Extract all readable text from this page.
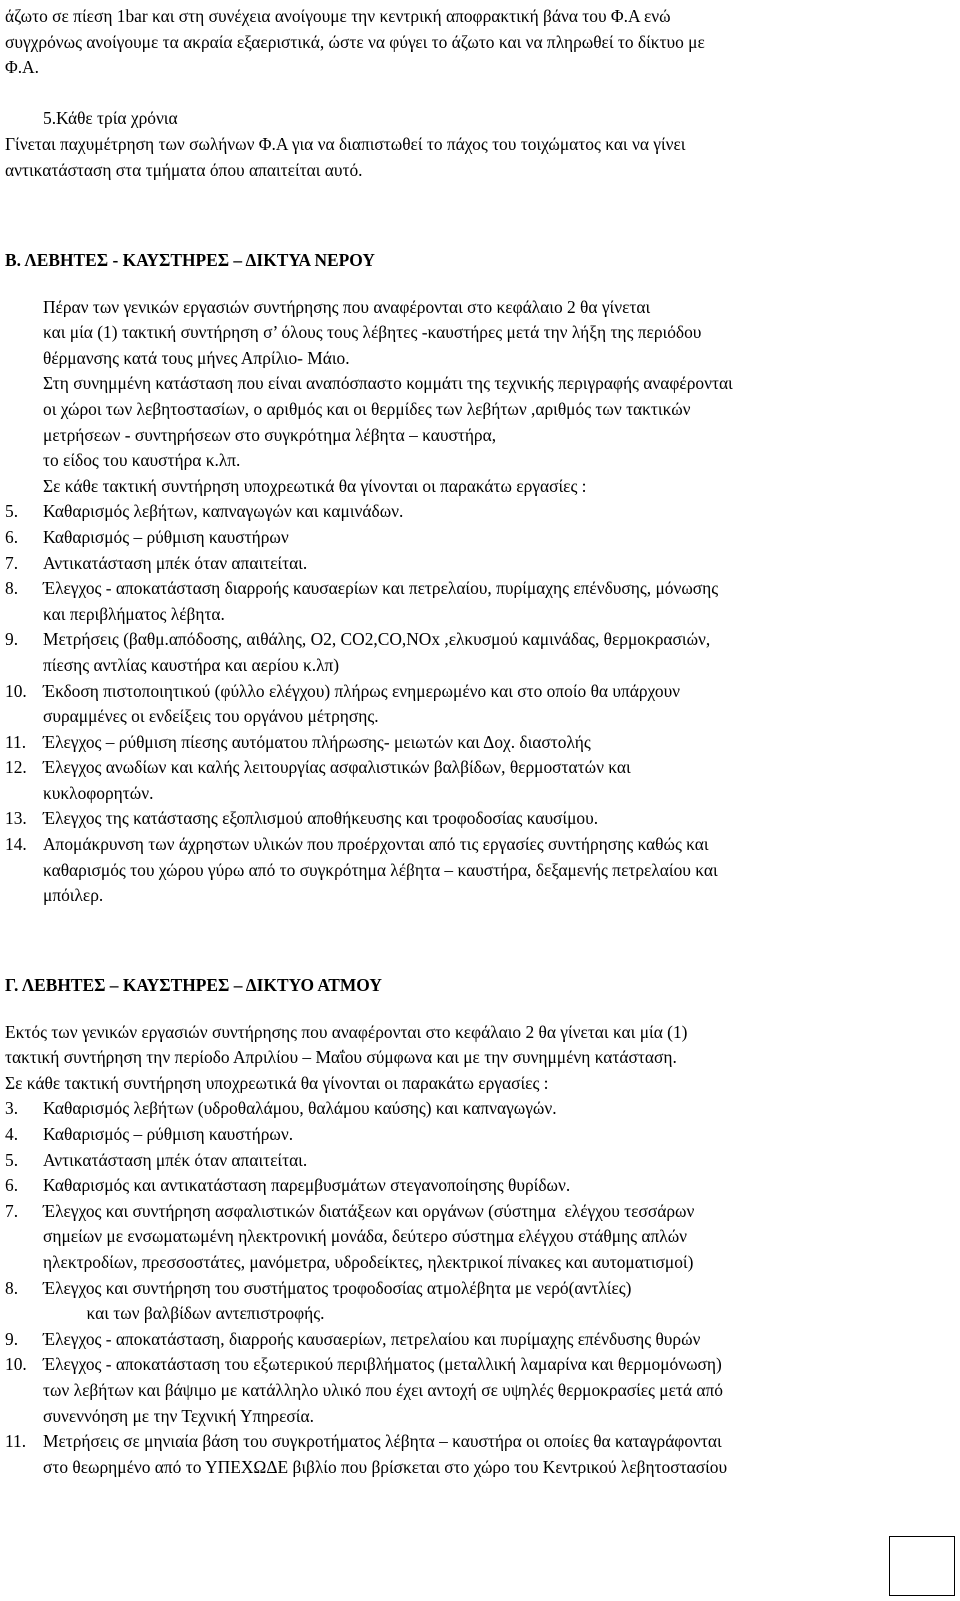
άζωτο σε πίεση 1bar και στη συνέχεια ανοίγουμε την κεντρική αποφρακτική βάνα του Φ.Α ενώ

συγχρόνως ανοίγουμε τα ακραία εξαεριστικά, ώστε να φύγει το άζωτο και να πληρωθεί το δίκτυο με

Φ.Α.

5.Κάθε τρία χρόνια

Γίνεται παχυμέτρηση των σωλήνων Φ.Α για να διαπιστωθεί το πάχος του τοιχώματος και να γίνει

αντικατάσταση στα τμήματα όπου απαιτείται αυτό.

Β. ΛΕΒΗΤΕΣ - ΚΑΥΣΤΗΡΕΣ – ΔΙΚΤΥΑ ΝΕΡΟΥ

Πέραν των γενικών εργασιών συντήρησης που αναφέρονται στο κεφάλαιο 2 θα γίνεται

και μία (1) τακτική συντήρηση σ’ όλους τους λέβητες -καυστήρες μετά την λήξη της περιόδου

θέρμανσης κατά τους μήνες Απρίλιο- Μάιο.

Στη συνημμένη κατάσταση που είναι αναπόσπαστο κομμάτι της τεχνικής περιγραφής αναφέρονται

οι χώροι των λεβητοστασίων, ο αριθμός και οι θερμίδες των λεβήτων ,αριθμός των τακτικών

μετρήσεων - συντηρήσεων στο συγκρότημα λέβητα – καυστήρα,

το είδος του καυστήρα κ.λπ.

Σε κάθε τακτική συντήρηση υποχρεωτικά θα γίνονται οι παρακάτω εργασίες :

5.	Καθαρισμός λεβήτων, καπναγωγών και καμινάδων.
6.	Καθαρισμός – ρύθμιση καυστήρων
7.	Αντικατάσταση μπέκ όταν απαιτείται.
8.	Έλεγχος - αποκατάσταση διαρροής καυσαερίων και πετρελαίου, πυρίμαχης επένδυσης, μόνωσης
και περιβλήματος λέβητα.
9.	Μετρήσεις (βαθμ.απόδοσης, αιθάλης, Ο2, CO2,CO,NOx ,ελκυσμού καμινάδας, θερμοκρασιών,
πίεσης αντλίας καυστήρα και αερίου κ.λπ)
10. Έκδοση πιστοποιητικού (φύλλο ελέγχου) πλήρως ενημερωμένο και στο οποίο θα υπάρχουν
συραμμένες οι ενδείξεις του οργάνου μέτρησης.
11. Έλεγχος – ρύθμιση πίεσης αυτόματου πλήρωσης- μειωτών και Δοχ. διαστολής
12. Έλεγχος ανωδίων και καλής λειτουργίας ασφαλιστικών βαλβίδων, θερμοστατών και
κυκλοφορητών.
13. Έλεγχος της κατάστασης εξοπλισμού αποθήκευσης και τροφοδοσίας καυσίμου.
14. Απομάκρυνση των άχρηστων υλικών που προέρχονται από τις εργασίες συντήρησης καθώς και
καθαρισμός του χώρου γύρω από το συγκρότημα λέβητα – καυστήρα, δεξαμενής πετρελαίου και
μπόιλερ.

Γ. ΛΕΒΗΤΕΣ – ΚΑΥΣΤΗΡΕΣ – ΔΙΚΤΥΟ ΑΤΜΟΥ

Εκτός των γενικών εργασιών συντήρησης που αναφέρονται στο κεφάλαιο 2 θα γίνεται και μία (1)

τακτική συντήρηση την περίοδο Απριλίου – Μαΐου σύμφωνα και με την συνημμένη κατάσταση.

Σε κάθε τακτική συντήρηση υποχρεωτικά θα γίνονται οι παρακάτω εργασίες :

3.	Καθαρισμός λεβήτων (υδροθαλάμου, θαλάμου καύσης) και καπναγωγών.
4.	Καθαρισμός – ρύθμιση καυστήρων.
5.	Αντικατάσταση μπέκ όταν απαιτείται.
6.	Καθαρισμός και αντικατάσταση παρεμβυσμάτων στεγανοποίησης θυρίδων.
7.	Έλεγχος και συντήρηση ασφαλιστικών διατάξεων και οργάνων (σύστημα  ελέγχου τεσσάρων
σημείων με ενσωματωμένη ηλεκτρονική μονάδα, δεύτερο σύστημα ελέγχου στάθμης απλών
ηλεκτροδίων, πρεσσοστάτες, μανόμετρα, υδροδείκτες, ηλεκτρικοί πίνακες και αυτοματισμοί)
8.	Έλεγχος και συντήρηση του συστήματος τροφοδοσίας ατμολέβητα με νερό(αντλίες)
και των βαλβίδων αντεπιστροφής.
9.	Έλεγχος - αποκατάσταση, διαρροής καυσαερίων, πετρελαίου και πυρίμαχης επένδυσης θυρών
10. Έλεγχος - αποκατάσταση του εξωτερικού περιβλήματος (μεταλλική λαμαρίνα και θερμομόνωση)
των λεβήτων και βάψιμο με κατάλληλο υλικό που έχει αντοχή σε υψηλές θερμοκρασίες μετά από
συνεννόηση με την Τεχνική Υπηρεσία.
11. Μετρήσεις σε μηνιαία βάση του συγκροτήματος λέβητα – καυστήρα οι οποίες θα καταγράφονται
στο θεωρημένο από το ΥΠΕΧΩΔΕ βιβλίο που βρίσκεται στο χώρο του Κεντρικού λεβητοστασίου
